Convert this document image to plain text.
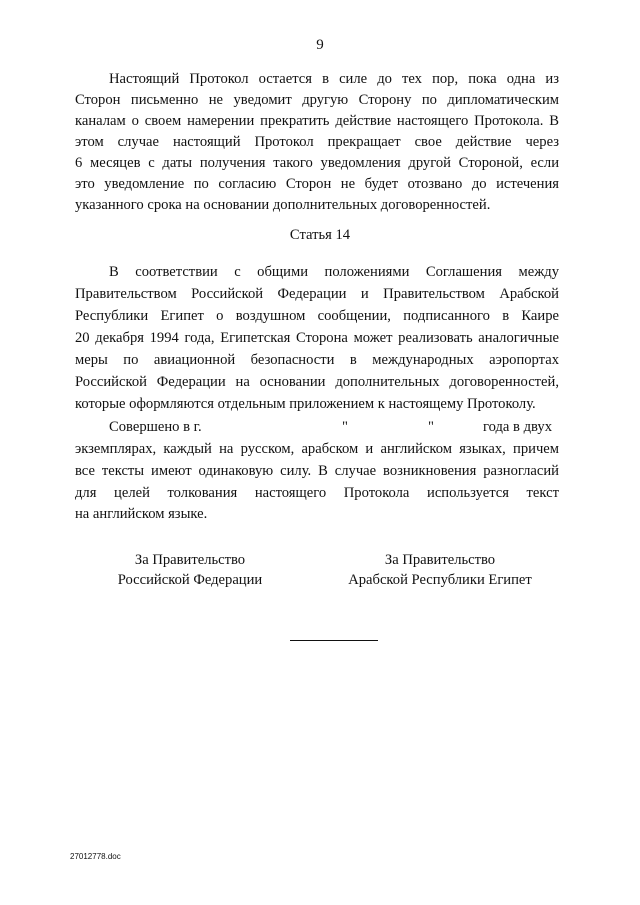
9
Настоящий Протокол остается в силе до тех пор, пока одна из
Сторон письменно не уведомит другую Сторону по дипломатическим
каналам о своем намерении прекратить действие настоящего Протокола. В
этом случае настоящий Протокол прекращает свое действие через
6 месяцев с даты получения такого уведомления другой Стороной, если
это уведомление по согласию Сторон не будет отозвано до истечения
указанного срока на основании дополнительных договоренностей.
Статья 14
В соответствии с общими положениями Соглашения между
Правительством Российской Федерации и Правительством Арабской
Республики Египет о воздушном сообщении, подписанного в Каире
20 декабря 1994 года, Египетская Сторона может реализовать аналогичные
меры по авиационной безопасности в международных аэропортах
Российской Федерации на основании дополнительных договоренностей,
которые оформляются отдельным приложением к настоящему Протоколу.
Совершено в г.	"	"	года в двух
экземплярах, каждый на русском, арабском и английском языках, причем
все тексты имеют одинаковую силу. В случае возникновения разногласий
для целей толкования настоящего Протокола используется текст
на английском языке.
За Правительство
Российской Федерации
За Правительство
Арабской Республики Египет
27012778.doc
